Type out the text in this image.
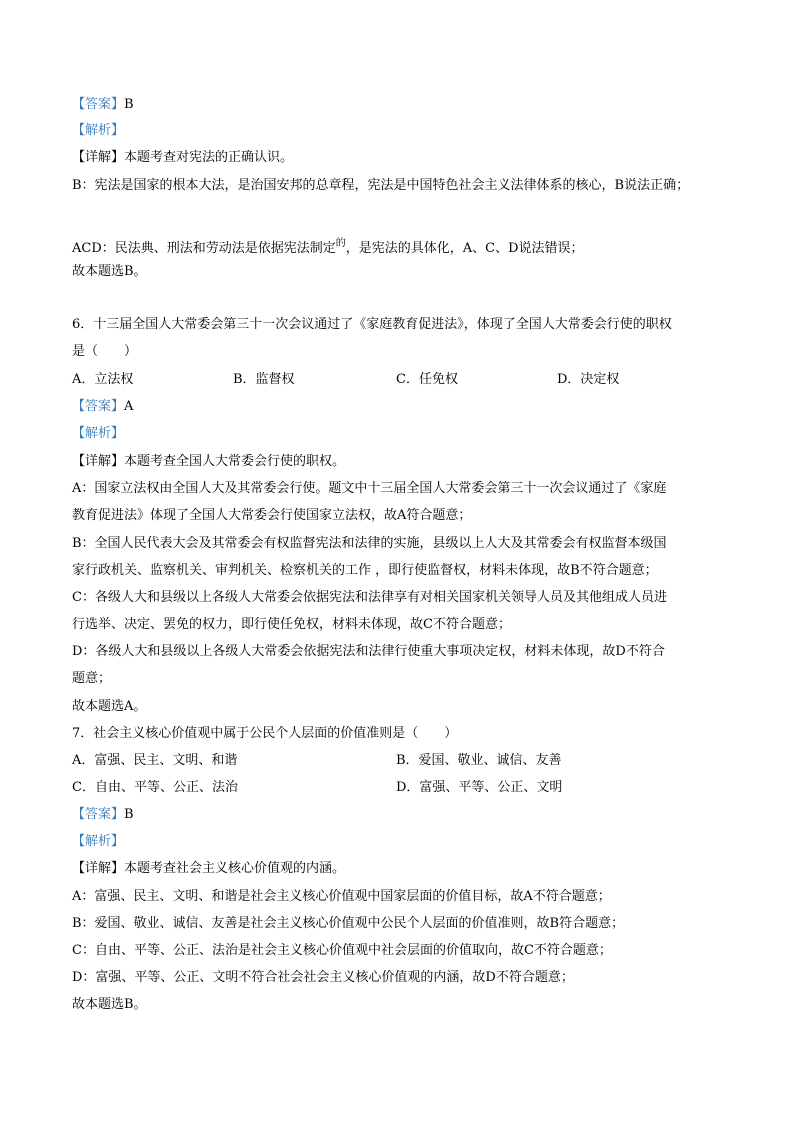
【答案】B
【解析】
【详解】本题考查对宪法的正确认识。
B：宪法是国家的根本大法，是治国安邦的总章程，宪法是中国特色社会主义法律体系的核心，B说法正确；
ACD：民法典、刑法和劳动法是依据宪法制定$^的$，是宪法的具体化，A、C、D说法错误；
故本题选B。
6．十三届全国人大常委会第三十一次会议通过了《家庭教育促进法》，体现了全国人大常委会行使的职权
是（　　）
A．立法权	B．监督权	C．任免权	D．决定权
【答案】A
【解析】
【详解】本题考查全国人大常委会行使的职权。
A：国家立法权由全国人大及其常委会行使。题文中十三届全国人大常委会第三十一次会议通过了《家庭
教育促进法》体现了全国人大常委会行使国家立法权，故A符合题意；
B：全国人民代表大会及其常委会有权监督宪法和法律的实施，县级以上人大及其常委会有权监督本级国
家行政机关、监察机关、审判机关、检察机关的工作 ，即行使监督权，材料未体现，故B不符合题意；
C：各级人大和县级以上各级人大常委会依据宪法和法律享有对相关国家机关领导人员及其他组成人员进
行选举、决定、罢免的权力，即行使任免权，材料未体现，故C不符合题意；
D：各级人大和县级以上各级人大常委会依据宪法和法律行使重大事项决定权，材料未体现，故D不符合
题意；
故本题选A。
7．社会主义核心价值观中属于公民个人层面的价值准则是（　　）
A．富强、民主、文明、和谐	B．爱国、敬业、诚信、友善
C．自由、平等、公正、法治	D．富强、平等、公正、文明
【答案】B
【解析】
【详解】本题考查社会主义核心价值观的内涵。
A：富强、民主、文明、和谐是社会主义核心价值观中国家层面的价值目标，故A不符合题意；
B：爱国、敬业、诚信、友善是社会主义核心价值观中公民个人层面的价值准则，故B符合题意；
C：自由、平等、公正、法治是社会主义核心价值观中社会层面的价值取向，故C不符合题意；
D：富强、平等、公正、文明不符合社会社会主义核心价值观的内涵，故D不符合题意；
故本题选B。
